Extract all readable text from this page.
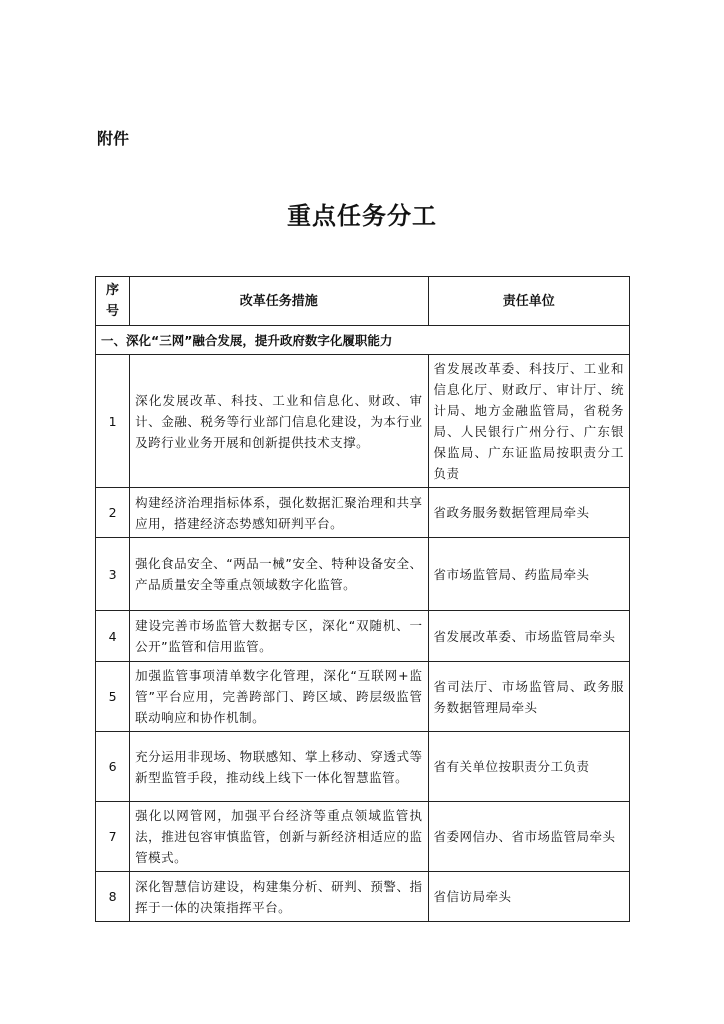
附件
重点任务分工
序号	改革任务措施	责任单位
一、深化“三网”融合发展，提升政府数字化履职能力		
1	深化发展改革、科技、工业和信息化、财政、审计、金融、税务等行业部门信息化建设，为本行业及跨行业业务开展和创新提供技术支撑。	省发展改革委、科技厅、工业和信息化厅、财政厅、审计厅、统计局、地方金融监管局，省税务局、人民银行广州分行、广东银保监局、广东证监局按职责分工负责
2	构建经济治理指标体系，强化数据汇聚治理和共享应用，搭建经济态势感知研判平台。	省政务服务数据管理局牵头
3	强化食品安全、“两品一械”安全、特种设备安全、产品质量安全等重点领域数字化监管。	省市场监管局、药监局牵头
4	建设完善市场监管大数据专区，深化“双随机、一公开”监管和信用监管。	省发展改革委、市场监管局牵头
5	加强监管事项清单数字化管理，深化“互联网+监管”平台应用，完善跨部门、跨区域、跨层级监管联动响应和协作机制。	省司法厅、市场监管局、政务服务数据管理局牵头
6	充分运用非现场、物联感知、掌上移动、穿透式等新型监管手段，推动线上线下一体化智慧监管。	省有关单位按职责分工负责
7	强化以网管网，加强平台经济等重点领域监管执法，推进包容审慎监管，创新与新经济相适应的监管模式。	省委网信办、省市场监管局牵头
8	深化智慧信访建设，构建集分析、研判、预警、指挥于一体的决策指挥平台。	省信访局牵头
